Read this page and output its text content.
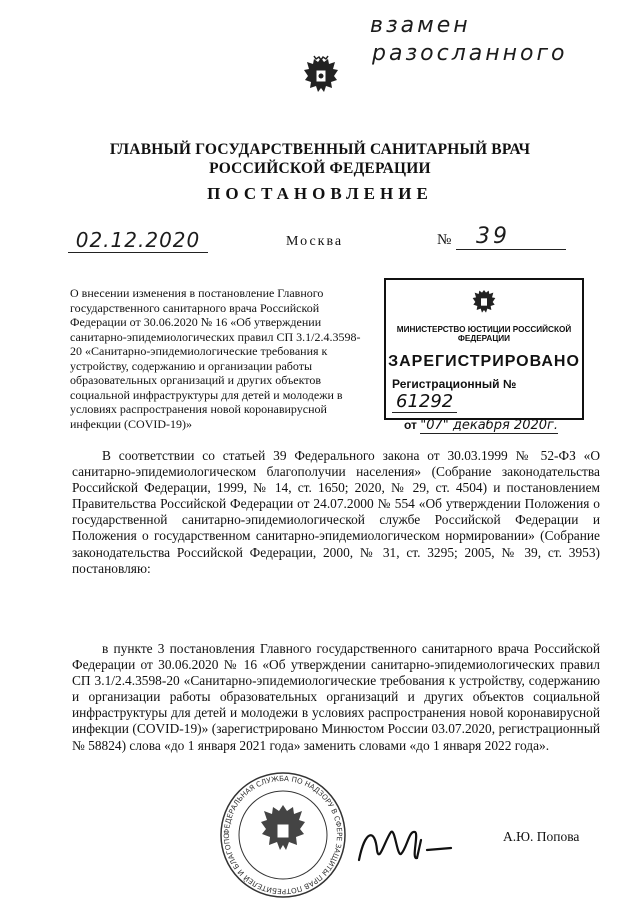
взамен
разосланного
ГЛАВНЫЙ ГОСУДАРСТВЕННЫЙ САНИТАРНЫЙ ВРАЧ
РОССИЙСКОЙ ФЕДЕРАЦИИ
ПОСТАНОВЛЕНИЕ
02.12.2020	Москва	№	39
О внесении изменения в постановление Главного государственного санитарного врача Российской Федерации от 30.06.2020 № 16 «Об утверждении санитарно-эпидемиологических правил СП 3.1/2.4.3598-20 «Санитарно-эпидемиологические требования к устройству, содержанию и организации работы образовательных организаций и других объектов социальной инфраструктуры для детей и молодежи в условиях распространения новой коронавирусной инфекции (COVID-19)»
МИНИСТЕРСТВО ЮСТИЦИИ РОССИЙСКОЙ ФЕДЕРАЦИИ
ЗАРЕГИСТРИРОВАНО
Регистрационный № 61292
от "07" декабря 2020г.
В соответствии со статьей 39 Федерального закона от 30.03.1999 № 52-ФЗ «О санитарно-эпидемиологическом благополучии населения» (Собрание законодательства Российской Федерации, 1999, № 14, ст. 1650; 2020, № 29, ст. 4504) и постановлением Правительства Российской Федерации от 24.07.2000 № 554 «Об утверждении Положения о государственной санитарно-эпидемиологической службе Российской Федерации и Положения о государственном санитарно-эпидемиологическом нормировании» (Собрание законодательства Российской Федерации, 2000, № 31, ст. 3295; 2005, № 39, ст. 3953) постановляю:
в пункте 3 постановления Главного государственного санитарного врача Российской Федерации от 30.06.2020 № 16 «Об утверждении санитарно-эпидемиологических правил СП 3.1/2.4.3598-20 «Санитарно-эпидемиологические требования к устройству, содержанию и организации работы образовательных организаций и других объектов социальной инфраструктуры для детей и молодежи в условиях распространения новой коронавирусной инфекции (COVID-19)» (зарегистрировано Минюстом России 03.07.2020, регистрационный № 58824) слова «до 1 января 2021 года» заменить словами «до 1 января 2022 года».
ФЕДЕРАЛЬНАЯ СЛУЖБА ПО НАДЗОРУ В СФЕРЕ ЗАЩИТЫ ПРАВ ПОТРЕБИТЕЛЕЙ И БЛАГОПО	А.Ю. Попова
